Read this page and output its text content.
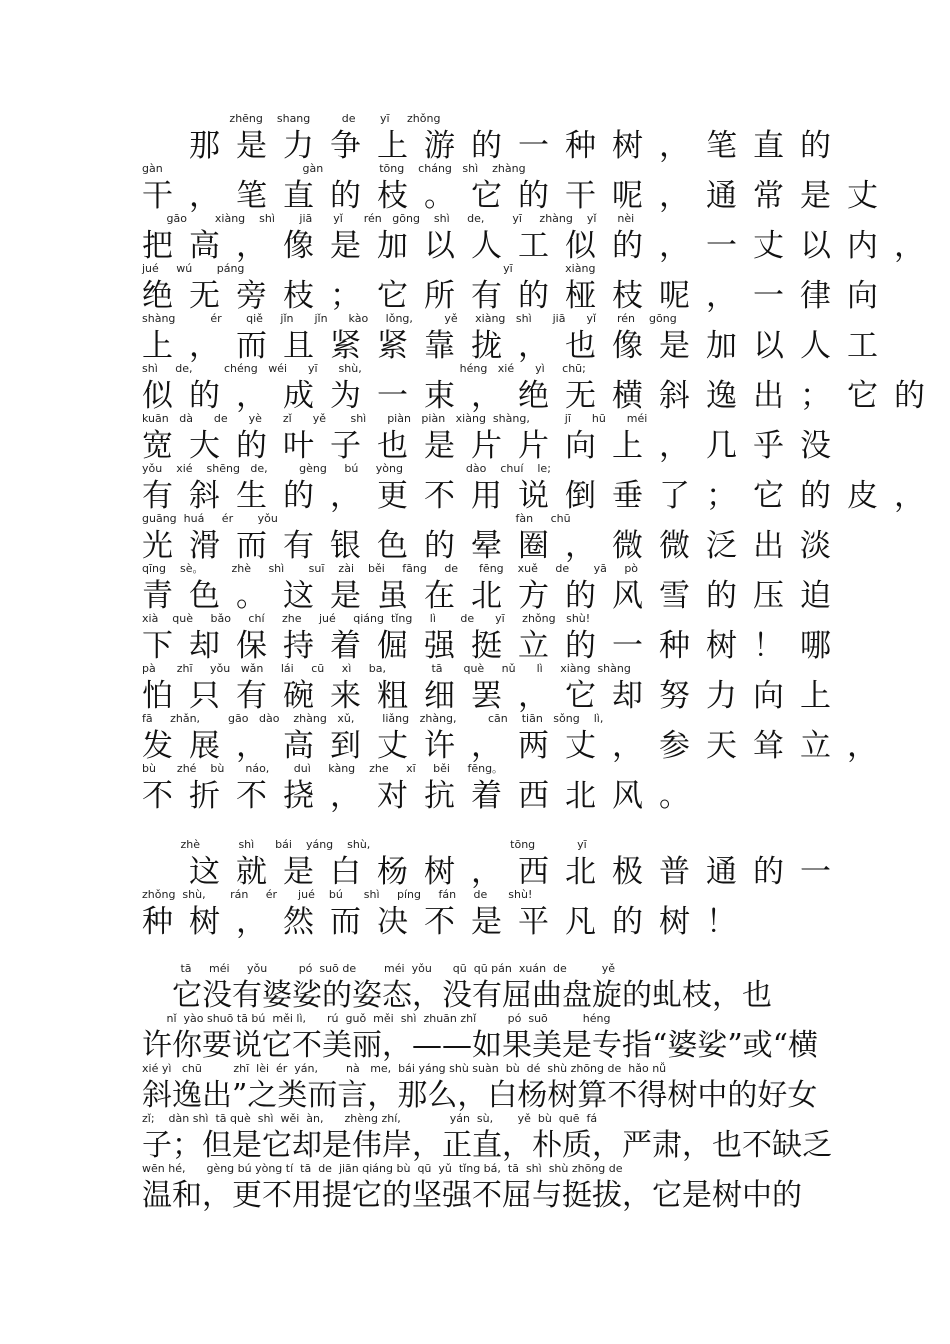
zhēng    shang         de       yī     zhǒng
　那是力争上游的一种树，笔直的
gàn                                        gàn                tōng    cháng   shì    zhàng
干，笔直的枝。它的干呢，通常是丈
gāo        xiàng    shì       jiā      yǐ      rén   gōng    shì     de,        yī     zhàng    yǐ      nèi
把高，像是加以人工似的，一丈以内，
jué     wú       páng                                                                          yī               xiàng
绝无旁枝；它所有的桠枝呢，一律向
shàng          ér       qiě     jǐn      jǐn      kào     lǒng,         yě     xiàng   shì      jiā      yǐ      rén    gōng
上，而且紧紧靠拢，也像是加以人工
shì     de,         chéng   wéi      yī      shù,                            héng   xié      yì     chū;
似的，成为一束，绝无横斜逸出；它的
kuān   dà      de      yè      zǐ      yě       shì      piàn   piàn   xiàng  shàng,          jī      hū      méi
宽大的叶子也是片片向上，几乎没
yǒu    xié    shēng   de,         gèng     bú     yòng                  dào    chuí    le;
有斜生的，更不用说倒垂了；它的皮，
guāng  huá     ér       yǒu                                                                    fàn     chū
光滑而有银色的晕圈，微微泛出淡
qīng    sè。        zhè     shì       suī    zài    běi     fāng     de      fēng    xuě     de       yā     pò
青色。这是虽在北方的风雪的压迫
xià    què     bǎo     chí     zhe     jué     qiáng  tǐng     lì       de      yī     zhǒng   shù!
下却保持着倔强挺立的一种树！哪
pà      zhī     yǒu   wǎn     lái     cū     xì     ba,             tā      què     nǔ      lì     xiàng  shàng
怕只有碗来粗细罢，它却努力向上
fā     zhǎn,        gāo   dào    zhàng   xǔ,        liǎng   zhàng,         cān    tiān   sǒng    lì,
发展，高到丈许，两丈，参天耸立，
bù      zhé    bù      náo,       duì     kàng    zhe     xī     běi     fēng。
不折不挠，对抗着西北风。
zhè           shì      bái    yáng    shù,                                        tōng            yī
　这就是白杨树，西北极普通的一
zhǒng  shù,       rán     ér      jué    bú      shì     píng     fán     de      shù!
种树，然而决不是平凡的树！
tā     méi     yǒu         pó  suō de        méi  yǒu      qū  qū pán  xuán  de          yě
　它没有婆娑的姿态，没有屈曲盘旋的虬枝，也
nǐ  yào shuō tā bú  měi lì,      rú  guǒ  měi  shì  zhuān zhǐ         pó  suō          héng
许你要说它不美丽，——如果美是专指“婆娑”或“横
xié yì   chū         zhī  lèi  ér  yán,        nà   me,  bái yáng shù suàn  bù  dé  shù zhōng de  hǎo nǚ
斜逸出”之类而言，那么，白杨树算不得树中的好女
zǐ;    dàn shì  tā què  shì  wěi  àn,      zhèng zhí,              yán  sù,       yě  bù  quē  fá
子；但是它却是伟岸，正直，朴质，严肃，也不缺乏
wēn hé,      gèng bú yòng tí  tā  de  jiān qiáng bù  qū  yǔ  tǐng bá,  tā  shì  shù zhōng de
温和，更不用提它的坚强不屈与挺拔，它是树中的
